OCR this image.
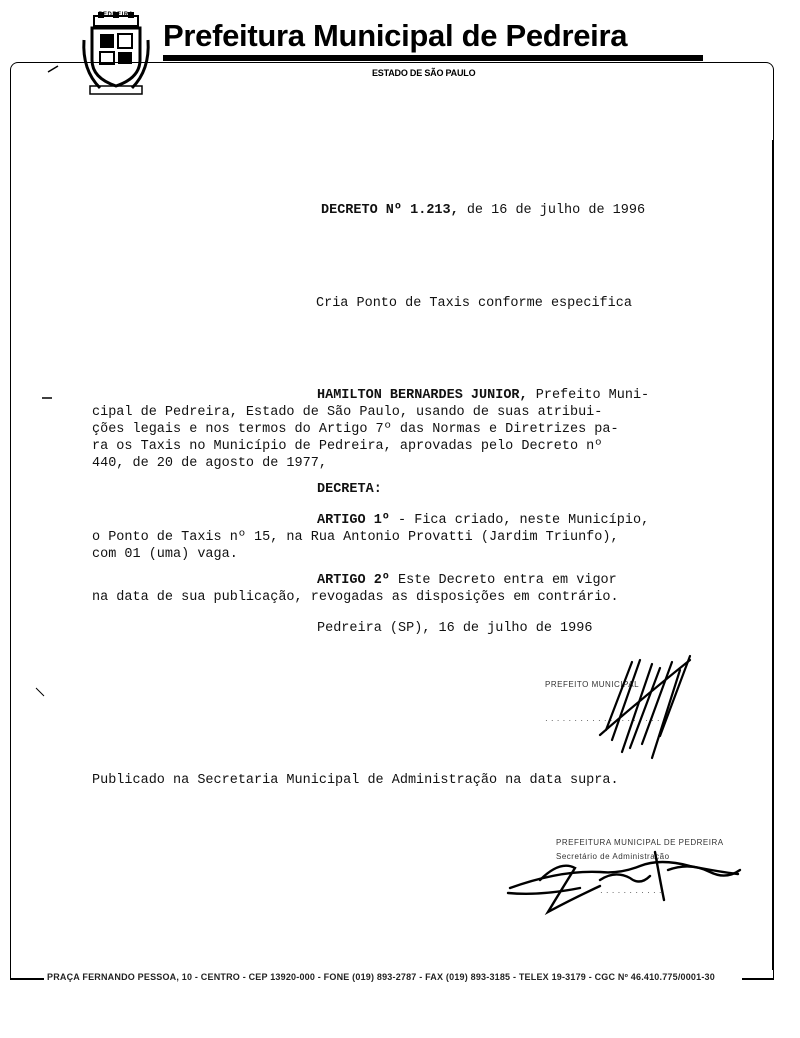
PEDREIRA
Prefeitura Municipal de Pedreira
ESTADO DE SÃO PAULO
DECRETO Nº 1.213, de 16 de julho de 1996
Cria Ponto de Taxis conforme especifica
HAMILTON BERNARDES JUNIOR, Prefeito Muni-
cipal de Pedreira, Estado de São Paulo, usando de suas atribui-
ções legais e nos termos do Artigo 7º das Normas e Diretrizes pa-
ra os Taxis no Município de Pedreira, aprovadas pelo Decreto nº
440, de 20 de agosto de 1977,
DECRETA:
ARTIGO 1º - Fica criado, neste Município,
o Ponto de Taxis nº 15, na Rua Antonio Provatti (Jardim Triunfo),
com 01 (uma) vaga.
ARTIGO 2º Este Decreto entra em vigor
na data de sua publicação, revogadas as disposições em contrário.
Pedreira (SP), 16 de julho de 1996
PREFEITO MUNICIPAL
· · · · · · · · · · · · · · · · · · · ·
Publicado na Secretaria Municipal de Administração na data supra.
PREFEITURA MUNICIPAL DE PEDREIRA
Secretário de Administração
· · · · · · · · · · ·
PRAÇA FERNANDO PESSOA, 10 - CENTRO - CEP 13920-000 - FONE (019) 893-2787 - FAX (019) 893-3185 - TELEX 19-3179 - CGC Nº 46.410.775/0001-30
